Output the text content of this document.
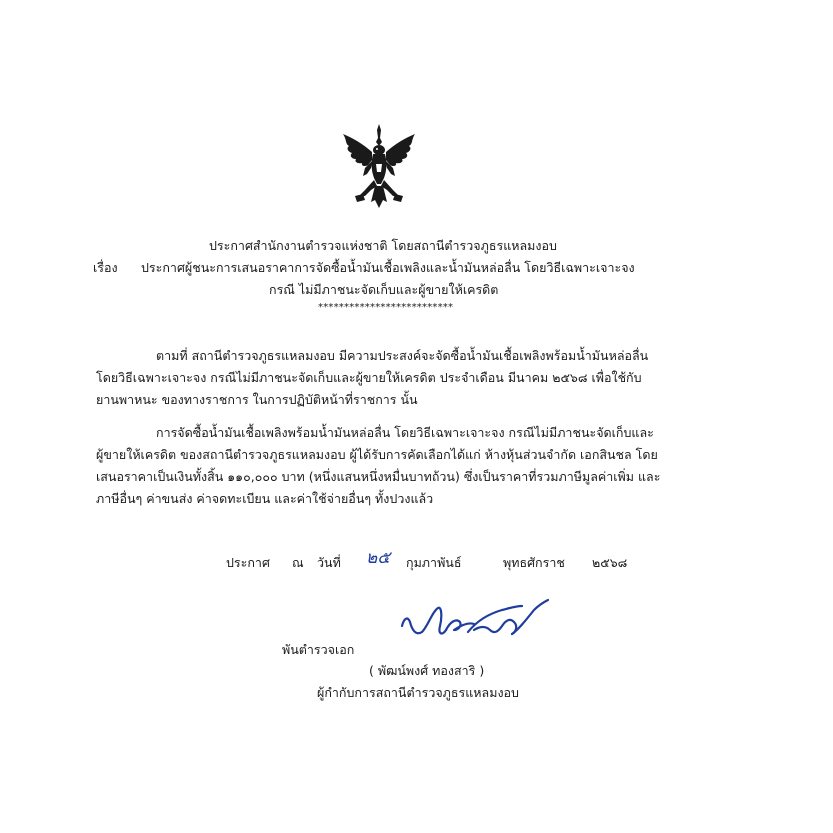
ประกาศสำนักงานตำรวจแห่งชาติ โดยสถานีตำรวจภูธรแหลมงอบ
เรื่อง ประกาศผู้ชนะการเสนอราคาการจัดซื้อน้ำมันเชื้อเพลิงและน้ำมันหล่อลื่น โดยวิธีเฉพาะเจาะจง
กรณี ไม่มีภาชนะจัดเก็บและผู้ขายให้เครดิต
**************************
ตามที่ สถานีตำรวจภูธรแหลมงอบ มีความประสงค์จะจัดซื้อน้ำมันเชื้อเพลิงพร้อมน้ำมันหล่อลื่น
โดยวิธีเฉพาะเจาะจง กรณีไม่มีภาชนะจัดเก็บและผู้ขายให้เครดิต ประจำเดือน มีนาคม ๒๕๖๘ เพื่อใช้กับ
ยานพาหนะ ของทางราชการ ในการปฏิบัติหน้าที่ราชการ นั้น
การจัดซื้อน้ำมันเชื้อเพลิงพร้อมน้ำมันหล่อลื่น โดยวิธีเฉพาะเจาะจง กรณีไม่มีภาชนะจัดเก็บและ
ผู้ขายให้เครดิต ของสถานีตำรวจภูธรแหลมงอบ ผู้ได้รับการคัดเลือกได้แก่ ห้างหุ้นส่วนจำกัด เอกสินชล โดย
เสนอราคาเป็นเงินทั้งสิ้น ๑๑๐,๐๐๐ บาท (หนึ่งแสนหนึ่งหมื่นบาทถ้วน) ซึ่งเป็นราคาที่รวมภาษีมูลค่าเพิ่ม และ
ภาษีอื่นๆ ค่าขนส่ง ค่าจดทะเบียน และค่าใช้จ่ายอื่นๆ ทั้งปวงแล้ว
ประกาศ ณ วันที่ ๒๕ กุมภาพันธ์	พุทธศักราช ๒๕๖๘
พันตำรวจเอก
( พัฒน์พงศ์ ทองสาริ )
ผู้กำกับการสถานีตำรวจภูธรแหลมงอบ
